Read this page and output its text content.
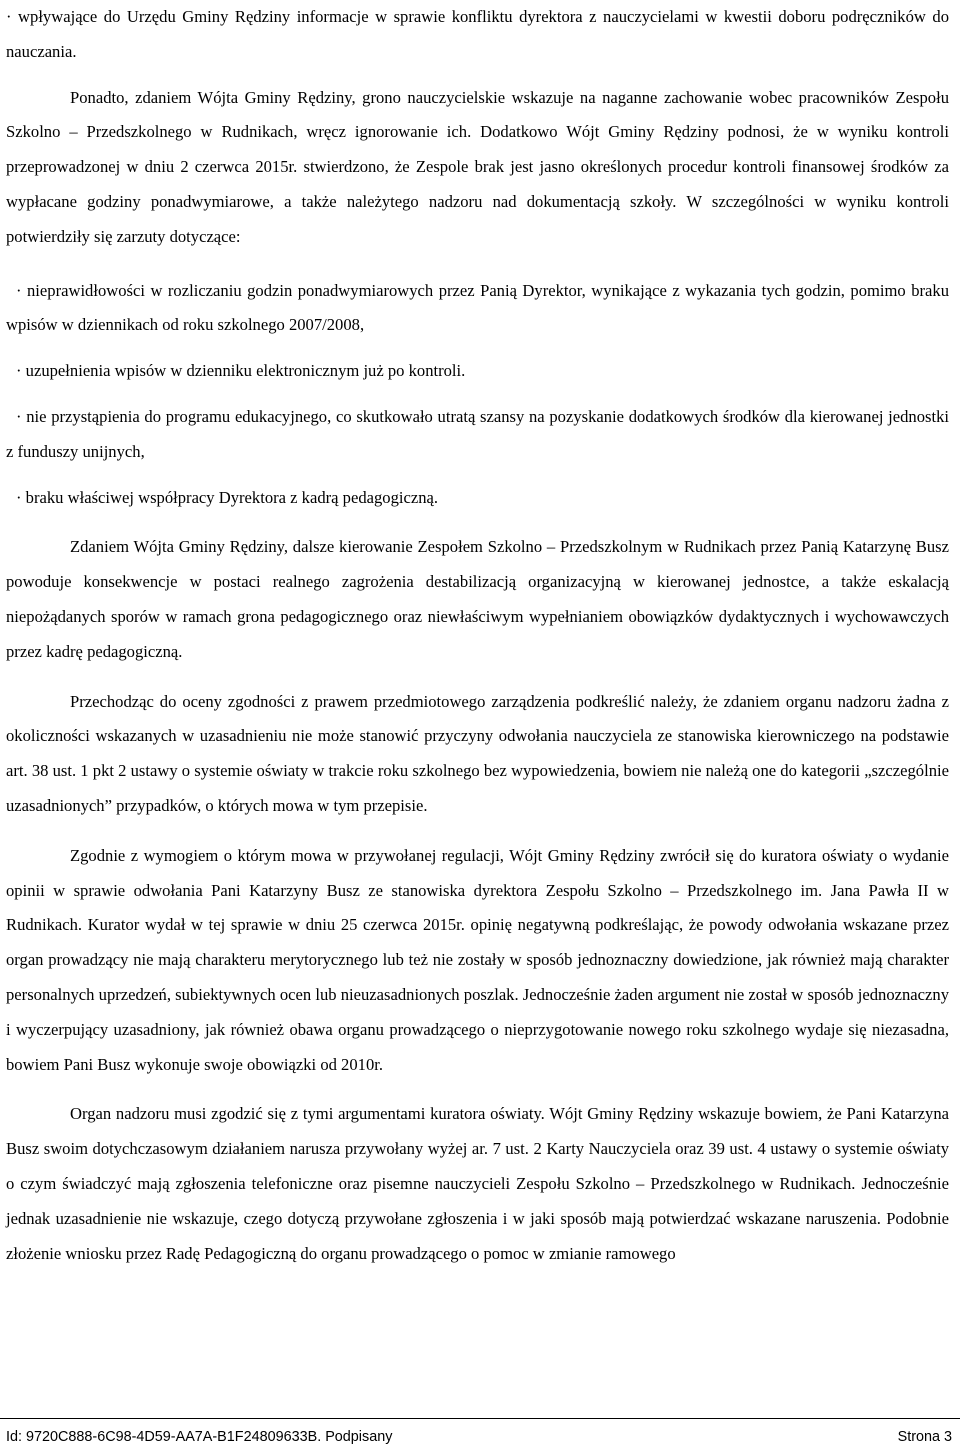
· wpływające do Urzędu Gminy Rędziny informacje w sprawie konfliktu dyrektora z nauczycielami w kwestii doboru podręczników do nauczania.

Ponadto, zdaniem Wójta Gminy Rędziny, grono nauczycielskie wskazuje na naganne zachowanie wobec pracowników Zespołu Szkolno – Przedszkolnego w Rudnikach, wręcz ignorowanie ich. Dodatkowo Wójt Gminy Rędziny podnosi, że w wyniku kontroli przeprowadzonej w dniu 2 czerwca 2015r. stwierdzono, że Zespole brak jest jasno określonych procedur kontroli finansowej środków za wypłacane godziny ponadwymiarowe, a także należytego nadzoru nad dokumentacją szkoły. W szczególności w wyniku kontroli potwierdziły się zarzuty dotyczące:

· nieprawidłowości w rozliczaniu godzin ponadwymiarowych przez Panią Dyrektor, wynikające z wykazania tych godzin, pomimo braku wpisów w dziennikach od roku szkolnego 2007/2008,

· uzupełnienia wpisów w dzienniku elektronicznym już po kontroli.

· nie przystąpienia do programu edukacyjnego, co skutkowało utratą szansy na pozyskanie dodatkowych środków dla kierowanej jednostki z funduszy unijnych,

· braku właściwej współpracy Dyrektora z kadrą pedagogiczną.

Zdaniem Wójta Gminy Rędziny, dalsze kierowanie Zespołem Szkolno – Przedszkolnym w Rudnikach przez Panią Katarzynę Busz powoduje konsekwencje w postaci realnego zagrożenia destabilizacją organizacyjną w kierowanej jednostce, a także eskalacją niepożądanych sporów w ramach grona pedagogicznego oraz niewłaściwym wypełnianiem obowiązków dydaktycznych i wychowawczych przez kadrę pedagogiczną.

Przechodząc do oceny zgodności z prawem przedmiotowego zarządzenia podkreślić należy, że zdaniem organu nadzoru żadna z okoliczności wskazanych w uzasadnieniu nie może stanowić przyczyny odwołania nauczyciela ze stanowiska kierowniczego na podstawie art. 38 ust. 1 pkt 2 ustawy o systemie oświaty w trakcie roku szkolnego bez wypowiedzenia, bowiem nie należą one do kategorii „szczególnie uzasadnionych” przypadków, o których mowa w tym przepisie.

Zgodnie z wymogiem o którym mowa w przywołanej regulacji, Wójt Gminy Rędziny zwrócił się do kuratora oświaty o wydanie opinii w sprawie odwołania Pani Katarzyny Busz ze stanowiska dyrektora Zespołu Szkolno – Przedszkolnego im. Jana Pawła II w Rudnikach. Kurator wydał w tej sprawie w dniu 25 czerwca 2015r. opinię negatywną podkreślając, że powody odwołania wskazane przez organ prowadzący nie mają charakteru merytorycznego lub też nie zostały w sposób jednoznaczny dowiedzione, jak również mają charakter personalnych uprzedzeń, subiektywnych ocen lub nieuzasadnionych poszlak. Jednocześnie żaden argument nie został w sposób jednoznaczny i wyczerpujący uzasadniony, jak również obawa organu prowadzącego o nieprzygotowanie nowego roku szkolnego wydaje się niezasadna, bowiem Pani Busz wykonuje swoje obowiązki od 2010r.

Organ nadzoru musi zgodzić się z tymi argumentami kuratora oświaty. Wójt Gminy Rędziny wskazuje bowiem, że Pani Katarzyna Busz swoim dotychczasowym działaniem narusza przywołany wyżej ar. 7 ust. 2 Karty Nauczyciela oraz 39 ust. 4 ustawy o systemie oświaty o czym świadczyć mają zgłoszenia telefoniczne oraz pisemne nauczycieli Zespołu Szkolno – Przedszkolnego w Rudnikach. Jednocześnie jednak uzasadnienie nie wskazuje, czego dotyczą przywołane zgłoszenia i w jaki sposób mają potwierdzać wskazane naruszenia. Podobnie złożenie wniosku przez Radę Pedagogiczną do organu prowadzącego o pomoc w zmianie ramowego

Id: 9720C888-6C98-4D59-AA7A-B1F24809633B. Podpisany	Strona 3
